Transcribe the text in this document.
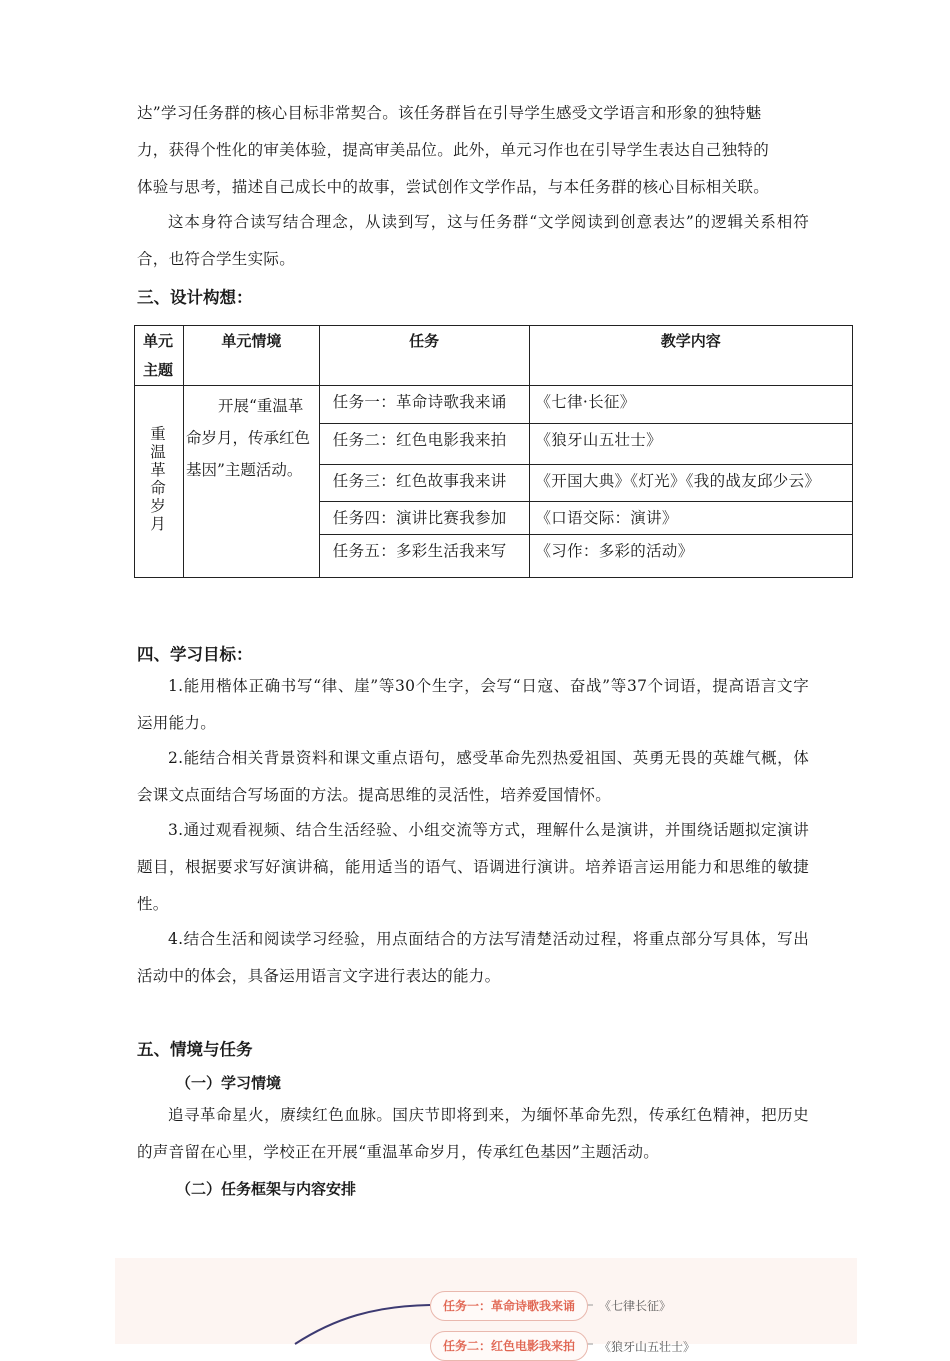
达”学习任务群的核心目标非常契合。该任务群旨在引导学生感受文学语言和形象的独特魅
力，获得个性化的审美体验，提高审美品位。此外，单元习作也在引导学生表达自己独特的
体验与思考，描述自己成长中的故事，尝试创作文学作品，与本任务群的核心目标相关联。
这本身符合读写结合理念，从读到写，这与任务群“文学阅读到创意表达”的逻辑关系相符合，也符合学生实际。
三、设计构想：
单元主题	单元情境	任务	教学内容
重温革命岁月	开展“重温革命岁月，传承红色基因”主题活动。	任务一：革命诗歌我来诵	《七律·长征》
		任务二：红色电影我来拍	《狼牙山五壮士》
		任务三：红色故事我来讲	《开国大典》《灯光》《我的战友邱少云》
		任务四：演讲比赛我参加	《口语交际：演讲》
		任务五：多彩生活我来写	《习作：多彩的活动》
四、学习目标：
1.能用楷体正确书写“律、崖”等30个生字，会写“日寇、奋战”等37个词语，提高语言文字运用能力。
2.能结合相关背景资料和课文重点语句，感受革命先烈热爱祖国、英勇无畏的英雄气概，体会课文点面结合写场面的方法。提高思维的灵活性，培养爱国情怀。
3.通过观看视频、结合生活经验、小组交流等方式，理解什么是演讲，并围绕话题拟定演讲题目，根据要求写好演讲稿，能用适当的语气、语调进行演讲。培养语言运用能力和思维的敏捷性。
4.结合生活和阅读学习经验，用点面结合的方法写清楚活动过程，将重点部分写具体，写出活动中的体会，具备运用语言文字进行表达的能力。
五、情境与任务
（一）学习情境
追寻革命星火，赓续红色血脉。国庆节即将到来，为缅怀革命先烈，传承红色精神，把历史的声音留在心里，学校正在开展“重温革命岁月，传承红色基因”主题活动。
（二）任务框架与内容安排
任务一：革命诗歌我来诵	《七律长征》
任务二：红色电影我来拍	《狼牙山五壮士》
